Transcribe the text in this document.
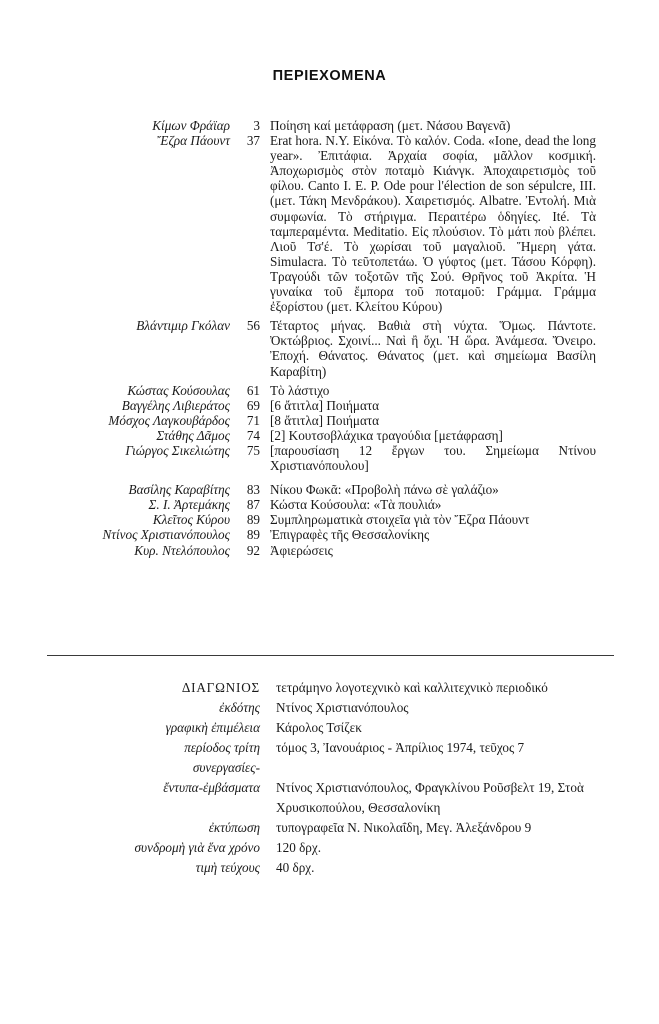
ΠΕΡΙΕΧΟΜΕΝΑ
Κίμων Φράϊαρ	3 Ποίηση καί μετάφραση (μετ. Νάσου Βαγενᾶ)
Ἔζρα Πάουντ	37 Erat hora. N.Y. Εἰκόνα. Τὸ καλόν. Coda. «Ione, dead the long year». Ἐπιτάφια. Ἀρχαία σοφία, μᾶλλον κοσμική. Ἀποχωρισμὸς στὸν ποταμὸ Κιάνγκ. Ἀποχαιρετισμὸς τοῦ φίλου. Canto I. E. P. Ode pour l'élection de son sépulcre, III. (μετ. Τάκη Μενδράκου). Χαιρετισμός. Albatre. Ἐντολή. Μιὰ συμφωνία. Τὸ στήριγμα. Περαιτέρω ὁδηγίες. Ité. Τὰ ταμπεραμέντα. Meditatio. Εἰς πλούσιον. Τὸ μάτι ποὺ βλέπει. Λιοῦ Τσ'έ. Τὸ χωρίσαι τοῦ μαγαλιοῦ. Ἥμερη γάτα. Simulacra. Τὸ τεῦτοπετάω. Ὁ γύφτος (μετ. Τάσου Κόρφη). Τραγούδι τῶν τοξοτῶν τῆς Σού. Θρῆνος τοῦ Ἀκρίτα. Ἡ γυναίκα τοῦ ἔμπορα τοῦ ποταμοῦ: Γράμμα. Γράμμα ἐξορίστου (μετ. Κλείτου Κύρου)
Βλάντιμιρ Γκόλαν	56 Τέταρτος μήνας. Βαθιὰ στὴ νύχτα. Ὅμως. Πάντοτε. Ὀκτώβριος. Σχοινί... Ναὶ ἢ ὄχι. Ἡ ὥρα. Ἀνάμεσα. Ὄνειρο. Ἐποχή. Θάνατος. Θάνατος (μετ. καὶ σημείωμα Βασίλη Καραβίτη)
Κώστας Κούσουλας	61 Τὸ λάστιχο
Βαγγέλης Λιβιεράτος	69 [6 ἄτιτλα] Ποιήματα
Μόσχος Λαγκουβάρδος	71 [8 ἄτιτλα] Ποιήματα
Στάθης Δᾶμος	74 [2] Κουτσοβλάχικα τραγούδια [μετάφραση]
Γιώργος Σικελιώτης	75 [παρουσίαση 12 ἔργων του. Σημείωμα Ντίνου Χριστιανόπουλου]
Βασίλης Καραβίτης	83 Νίκου Φωκᾶ: «Προβολὴ πάνω σὲ γαλάζιο»
Σ. Ι. Ἀρτεμάκης	87 Κώστα Κούσουλα: «Τὰ πουλιά»
Κλεῖτος Κύρου	89 Συμπληρωματικὰ στοιχεῖα γιὰ τὸν Ἔζρα Πάουντ
Ντίνος Χριστιανόπουλος	89 Ἐπιγραφὲς τῆς Θεσσαλονίκης
Κυρ. Ντελόπουλος	92 Ἀφιερώσεις
ΔΙΑΓΩΝΙΟΣ	τετράμηνο λογοτεχνικὸ καὶ καλλιτεχνικὸ περιοδικό
ἐκδότης	Ντίνος Χριστιανόπουλος
γραφικὴ ἐπιμέλεια	Κάρολος Τσίζεκ
περίοδος τρίτη	τόμος 3, Ἰανουάριος - Ἀπρίλιος 1974, τεῦχος 7
συνεργασίες-
ἔντυπα-ἐμβάσματα	Ντίνος Χριστιανόπουλος, Φραγκλίνου Ροῦσβελτ 19, Στοὰ Χρυσικοπούλου, Θεσσαλονίκη
ἐκτύπωση	τυπογραφεῖα Ν. Νικολαΐδη, Μεγ. Ἀλεξάνδρου 9
συνδρομὴ γιὰ ἕνα χρόνο	120 δρχ.
τιμὴ τεύχους	40 δρχ.
